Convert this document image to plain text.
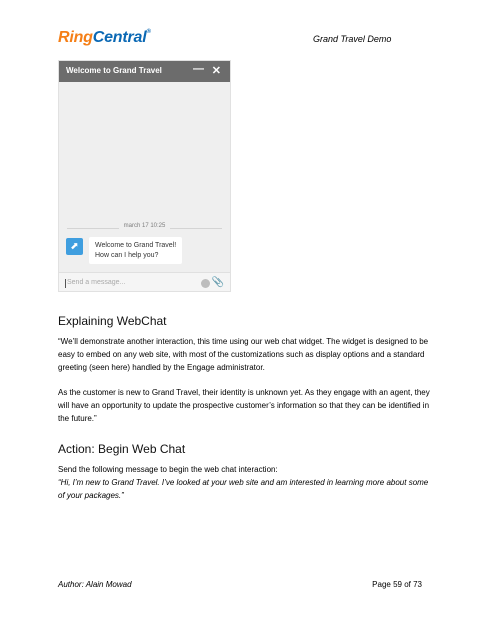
RingCentral®
Grand Travel Demo
Welcome to Grand Travel	— ✕
march 17 10:25
⬈	Welcome to Grand Travel!
How can I help you?
Send a message...	📎
Explaining WebChat

“We’ll demonstrate another interaction, this time using our web chat widget. The widget is designed to be easy to embed on any web site, with most of the customizations such as display options and a standard greeting (seen here) handled by the Engage administrator.

As the customer is new to Grand Travel, their identity is unknown yet. As they engage with an agent, they will have an opportunity to update the prospective customer’s information so that they can be identified in the future.”

Action: Begin Web Chat

Send the following message to begin the web chat interaction:

“Hi, I’m new to Grand Travel. I’ve looked at your web site and am interested in learning more about some of your packages.”

Author: Alain Mowad	Page 59 of 73
